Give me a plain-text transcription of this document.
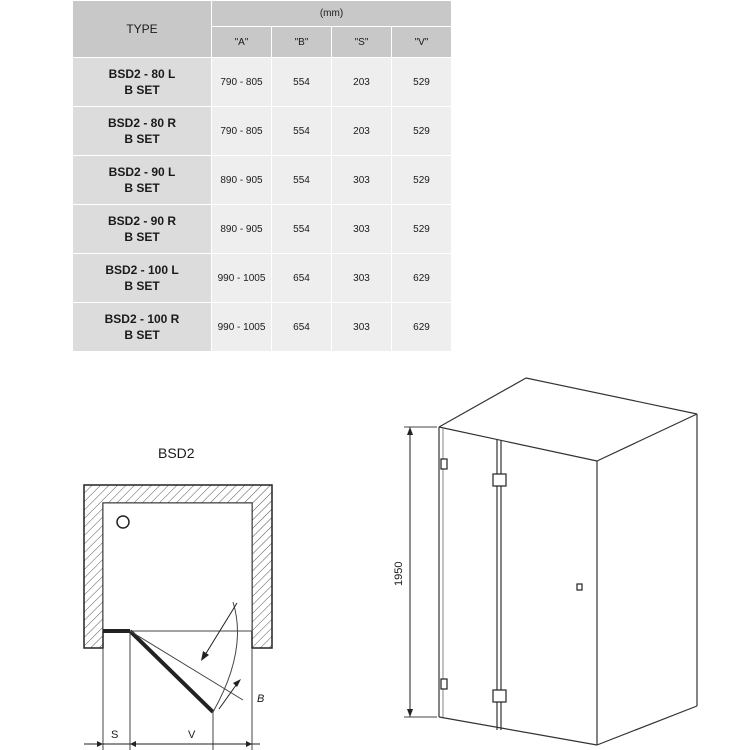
TYPE	(mm)			
	"A"	"B"	"S"	"V"

BSD2 - 80 L
B SET	790 - 805	554	203	529

BSD2 - 80 R
B SET	790 - 805	554	203	529

BSD2 - 90 L
B SET	890 - 905	554	303	529

BSD2 - 90 R
B SET	890 - 905	554	303	529

BSD2 - 100 L
B SET	990 - 1005	654	303	629

BSD2 - 100 R
B SET	990 - 1005	654	303	629
BSD2
B
S	V
1950
